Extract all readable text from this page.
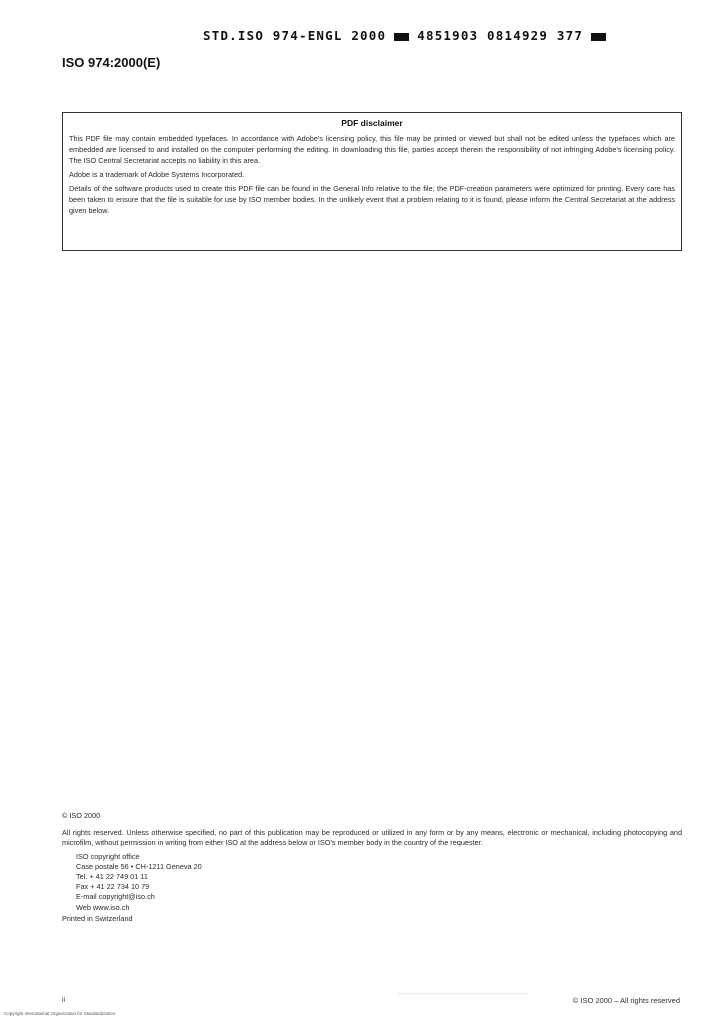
STD.ISO 974-ENGL 2000 4851903 0814929 377
ISO 974:2000(E)
PDF disclaimer

This PDF file may contain embedded typefaces. In accordance with Adobe's licensing policy, this file may be printed or viewed but shall not be edited unless the typefaces which are embedded are licensed to and installed on the computer performing the editing. In downloading this file, parties accept therein the responsibility of not infringing Adobe's licensing policy. The ISO Central Secretariat accepts no liability in this area.

Adobe is a trademark of Adobe Systems Incorporated.

Details of the software products used to create this PDF file can be found in the General Info relative to the file; the PDF-creation parameters were optimized for printing. Every care has been taken to ensure that the file is suitable for use by ISO member bodies. In the unlikely event that a problem relating to it is found, please inform the Central Secretariat at the address given below.

© ISO 2000
All rights reserved. Unless otherwise specified, no part of this publication may be reproduced or utilized in any form or by any means, electronic or mechanical, including photocopying and microfilm, without permission in writing from either ISO at the address below or ISO's member body in the country of the requester.
ISO copyright office
Case postale 56 • CH-1211 Geneva 20
Tel. + 41 22 749 01 11
Fax + 41 22 734 10 79
E-mail copyright@iso.ch
Web www.iso.ch
Printed in Switzerland
ii	© ISO 2000 – All rights reserved
Copyright International Organization for Standardization
